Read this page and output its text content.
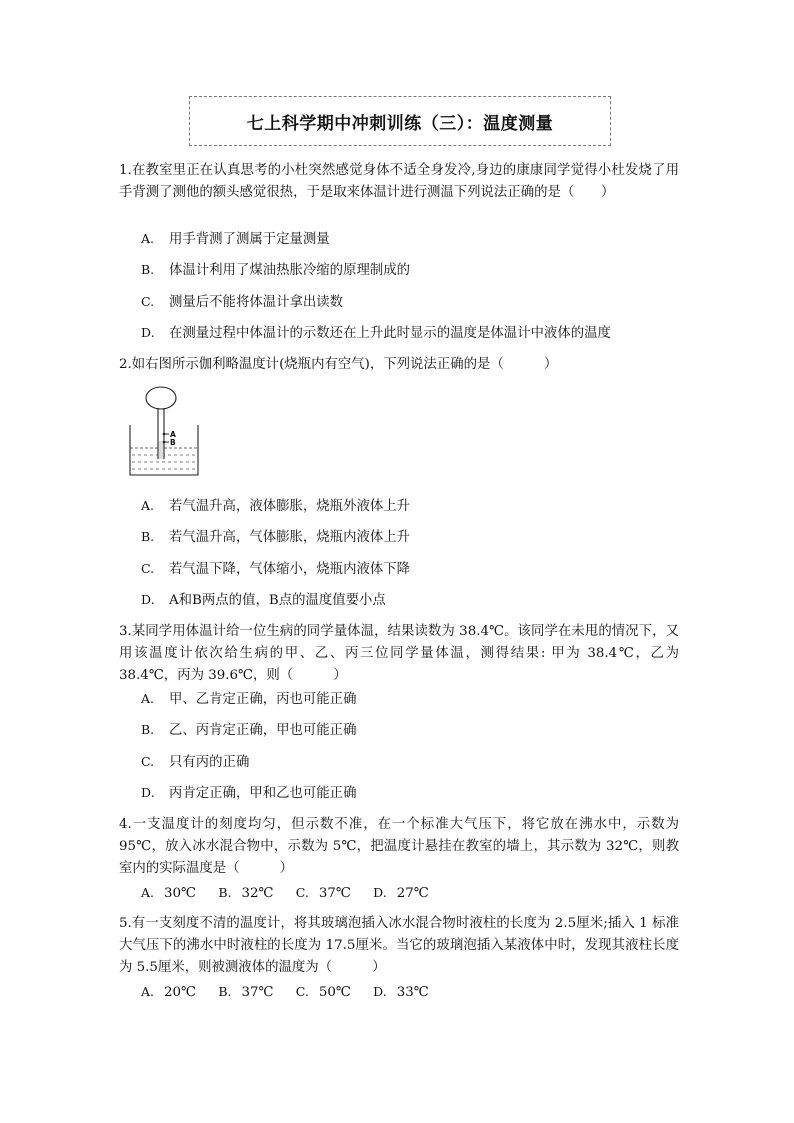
七上科学期中冲刺训练（三）：温度测量

1.在教室里正在认真思考的小杜突然感觉身体不适全身发冷,身边的康康同学觉得小杜发烧了用手背测了测他的额头感觉很热，于是取来体温计进行测温下列说法正确的是（　　）

A. 用手背测了测属于定量测量
B. 体温计利用了煤油热胀冷缩的原理制成的
C. 测量后不能将体温计拿出读数
D. 在测量过程中体温计的示数还在上升此时显示的温度是体温计中液体的温度

2.如右图所示伽利略温度计(烧瓶内有空气)，下列说法正确的是（　　　）

A
B
A. 若气温升高，液体膨胀，烧瓶外液体上升
B. 若气温升高，气体膨胀，烧瓶内液体上升
C. 若气温下降，气体缩小，烧瓶内液体下降
D. A和B两点的值，B点的温度值要小点

3.某同学用体温计给一位生病的同学量体温，结果读数为 38.4℃。该同学在未甩的情况下，又用该温度计依次给生病的甲、乙、丙三位同学量体温，测得结果: 甲为 38.4℃，乙为 38.4℃，丙为 39.6℃，则（　　　）

A. 甲、乙肯定正确，丙也可能正确
B. 乙、丙肯定正确，甲也可能正确
C. 只有丙的正确
D. 丙肯定正确，甲和乙也可能正确

4.一支温度计的刻度均匀，但示数不准，在一个标准大气压下，将它放在沸水中，示数为 95℃，放入冰水混合物中，示数为 5℃，把温度计悬挂在教室的墙上，其示数为 32℃，则教室内的实际温度是（　　　）

A. 30℃ B. 32℃ C. 37℃ D. 27℃

5.有一支刻度不清的温度计，将其玻璃泡插入冰水混合物时液柱的长度为 2.5厘米;插入 1 标准大气压下的沸水中时液柱的长度为 17.5厘米。当它的玻璃泡插入某液体中时，发现其液柱长度为 5.5厘米，则被测液体的温度为（　　　）

A. 20℃ B. 37℃ C. 50℃ D. 33℃
